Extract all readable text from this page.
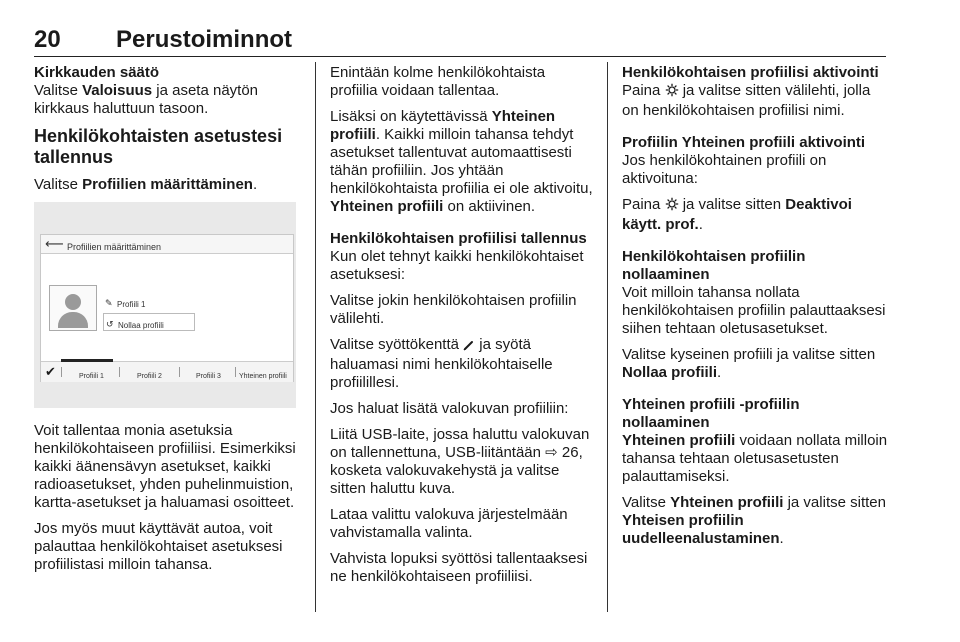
20 Perustoiminnot

Kirkkauden säätö

Valitse Valoisuus ja aseta näytön kirkkaus haluttuun tasoon.

Henkilökohtaisten asetustesi tallennus

Valitse Profiilien määrittäminen.

⟵ Profiilien määrittäminen
✎ Profiili 1
↺ Nollaa profiili
✔	Profiili 1	Profiili 2	Profiili 3	Yhteinen profiili

Voit tallentaa monia asetuksia henkilökohtaiseen profiiliisi. Esimerkiksi kaikki äänensävyn asetukset, kaikki radioasetukset, yhden puhelinmuistion, kartta-asetukset ja haluamasi osoitteet.

Jos myös muut käyttävät autoa, voit palauttaa henkilökohtaiset asetuksesi profiilistasi milloin tahansa.

Enintään kolme henkilökohtaista profiilia voidaan tallentaa.

Lisäksi on käytettävissä Yhteinen profiili. Kaikki milloin tahansa tehdyt asetukset tallentuvat automaattisesti tähän profiiliin. Jos yhtään henkilökohtaista profiilia ei ole aktivoitu, Yhteinen profiili on aktiivinen.

Henkilökohtaisen profiilisi tallennus

Kun olet tehnyt kaikki henkilökohtaiset asetuksesi:

Valitse jokin henkilökohtaisen profiilin välilehti.

Valitse syöttökenttä  ja syötä haluamasi nimi henkilökohtaiselle profiilillesi.

Jos haluat lisätä valokuvan profiiliin:

Liitä USB-laite, jossa haluttu valokuvan on tallennettuna, USB-liitäntään ⇨ 26, kosketa valokuvakehystä ja valitse sitten haluttu kuva.

Lataa valittu valokuva järjestelmään vahvistamalla valinta.

Vahvista lopuksi syöttösi tallentaaksesi ne henkilökohtaiseen profiiliisi.

Henkilökohtaisen profiilisi aktivointi

Paina  ja valitse sitten välilehti, jolla on henkilökohtaisen profiilisi nimi.

Profiilin Yhteinen profiili aktivointi

Jos henkilökohtainen profiili on aktivoituna:

Paina  ja valitse sitten Deaktivoi käytt. prof..

Henkilökohtaisen profiilin nollaaminen

Voit milloin tahansa nollata henkilökohtaisen profiilin palauttaaksesi siihen tehtaan oletusasetukset.

Valitse kyseinen profiili ja valitse sitten Nollaa profiili.

Yhteinen profiili -profiilin nollaaminen

Yhteinen profiili voidaan nollata milloin tahansa tehtaan oletusasetusten palauttamiseksi.

Valitse Yhteinen profiili ja valitse sitten Yhteisen profiilin uudelleenalustaminen.
